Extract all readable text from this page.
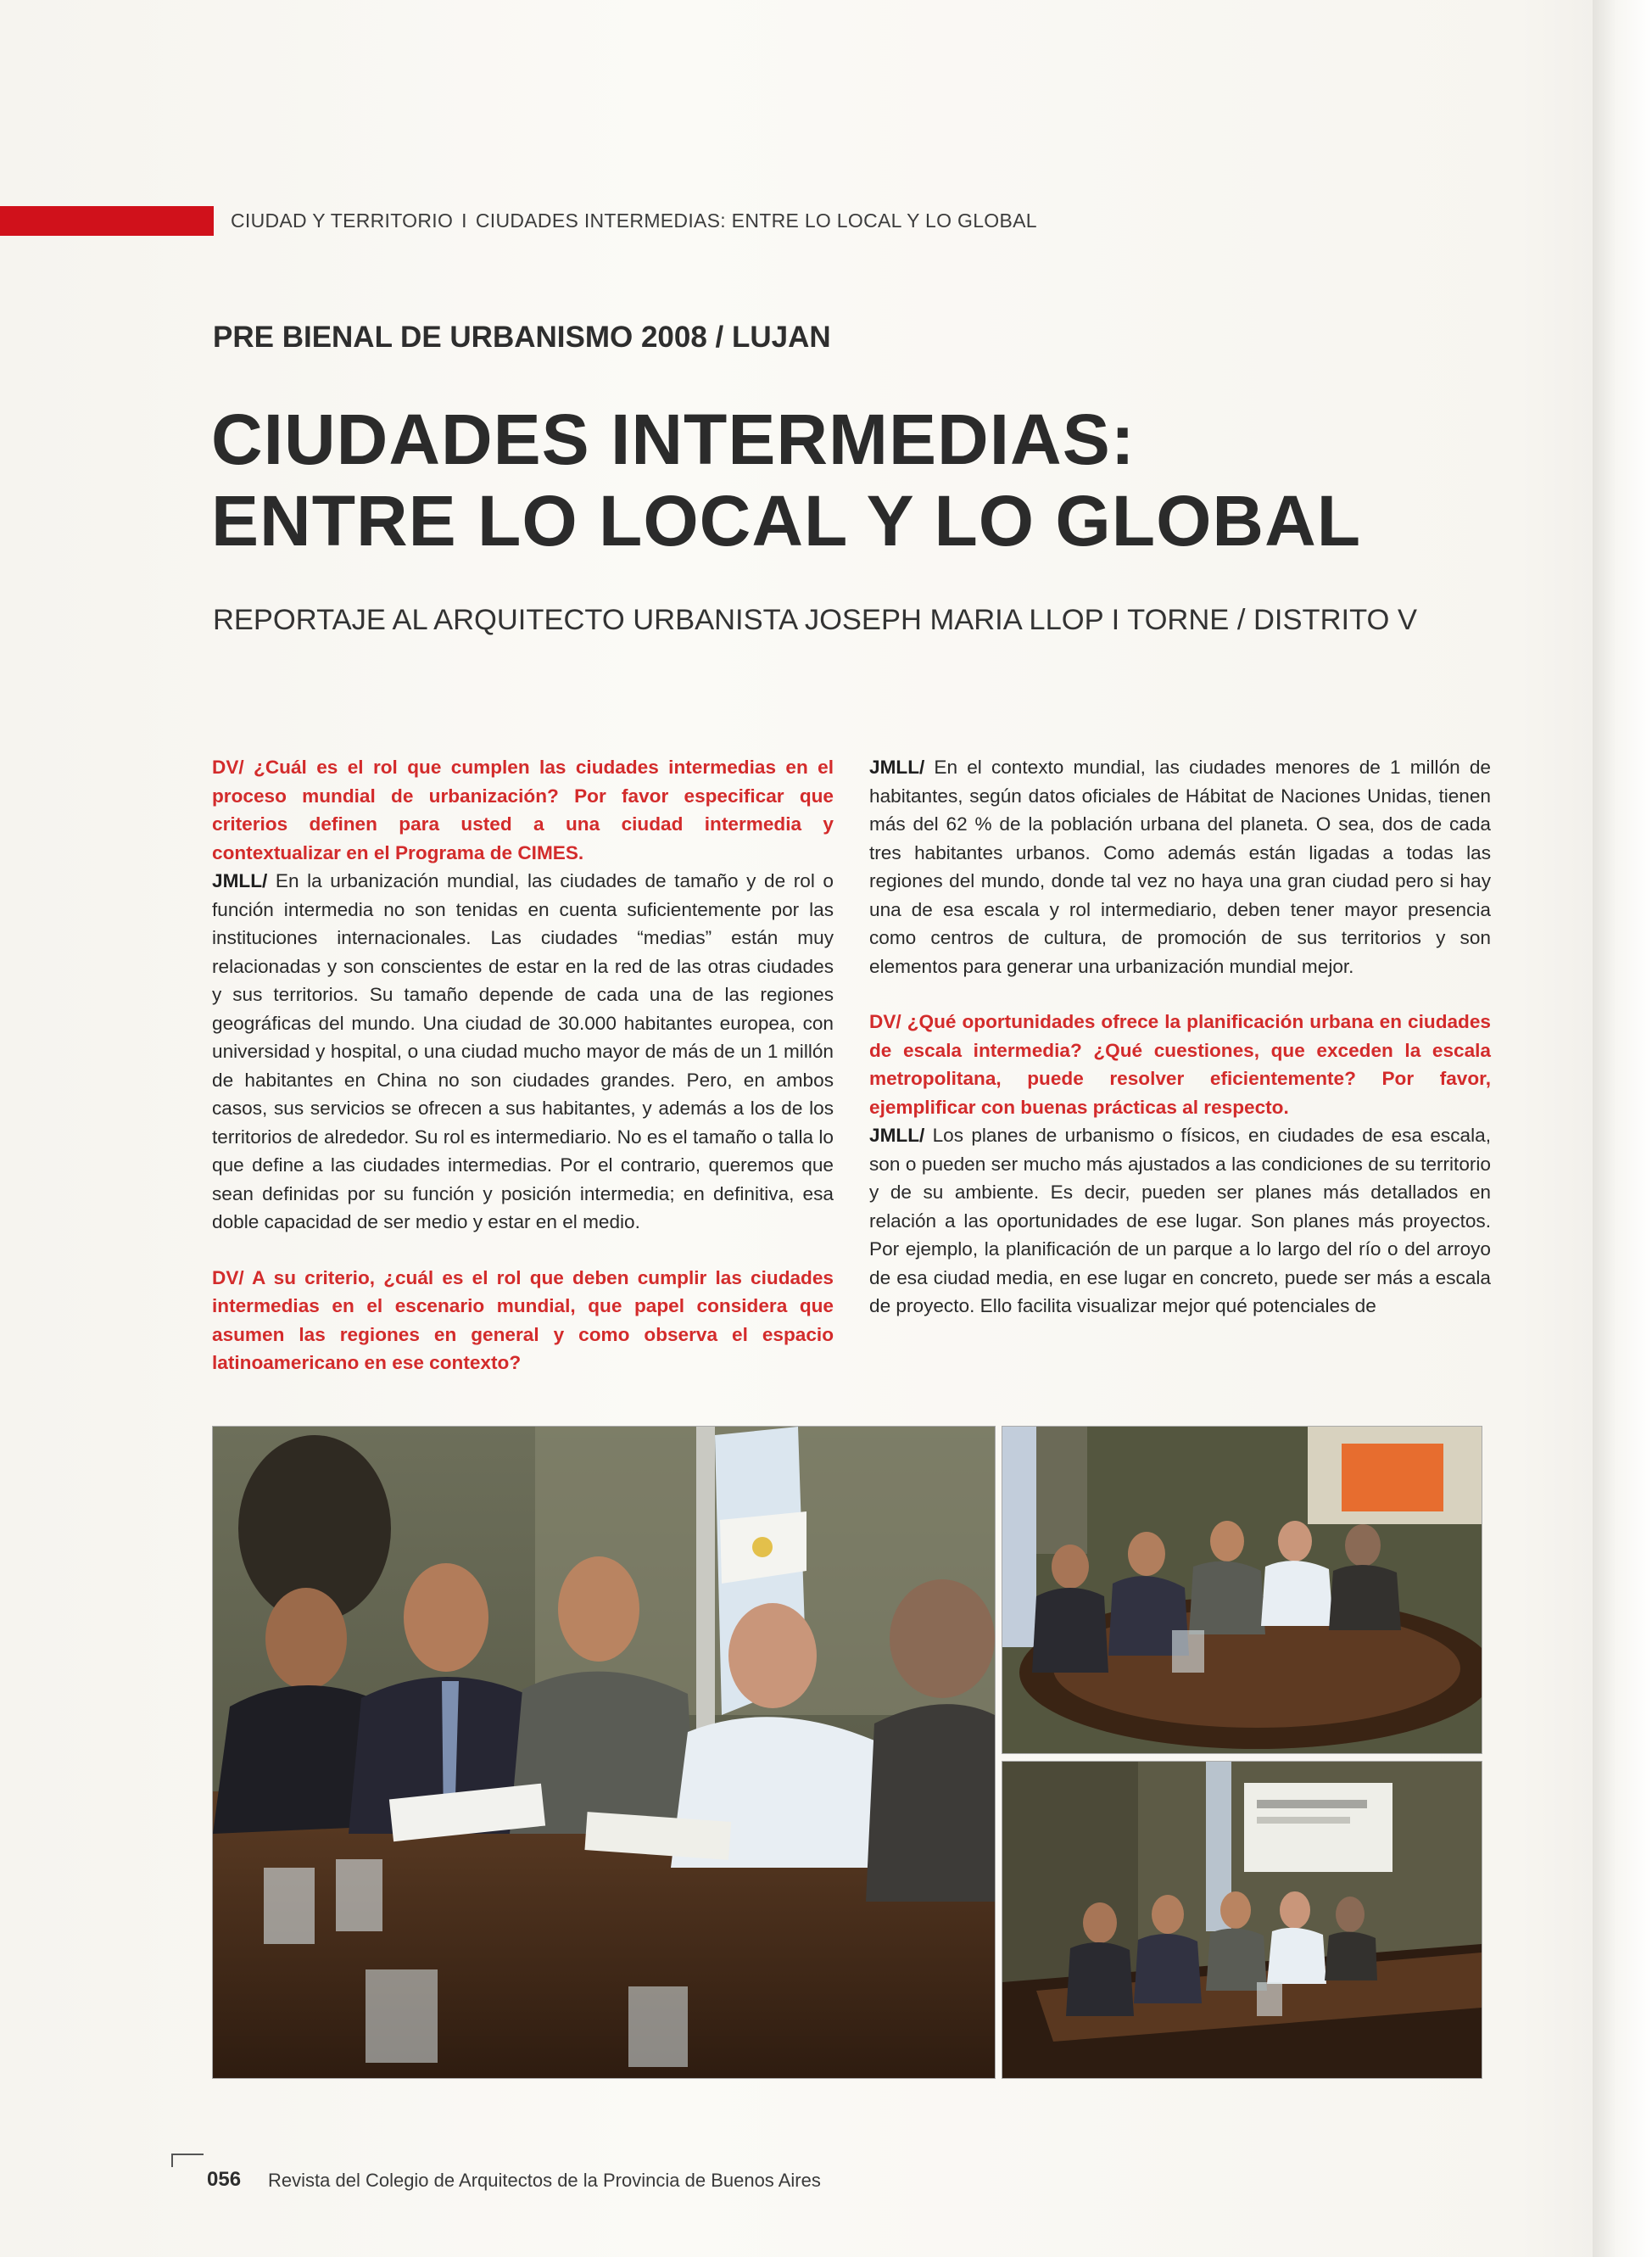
CIUDAD Y TERRITORIO I CIUDADES INTERMEDIAS: ENTRE LO LOCAL Y LO GLOBAL
PRE BIENAL DE URBANISMO 2008 / LUJAN
CIUDADES INTERMEDIAS:
ENTRE LO LOCAL Y LO GLOBAL
REPORTAJE AL ARQUITECTO URBANISTA JOSEPH MARIA LLOP I TORNE / DISTRITO V

DV/ ¿Cuál es el rol que cumplen las ciudades intermedias en el proceso mundial de urbanización? Por favor especificar que criterios definen para usted a una ciudad intermedia y contextualizar en el Programa de CIMES.

JMLL/ En la urbanización mundial, las ciudades de tamaño y de rol o función intermedia no son tenidas en cuenta suficientemente por las instituciones internacionales. Las ciudades “medias” están muy relacionadas y son conscientes de estar en la red de las otras ciudades y sus territorios. Su tamaño depende de cada una de las regiones geográficas del mundo. Una ciudad de 30.000 habitantes europea, con universidad y hospital, o una ciudad mucho mayor de más de un 1 millón de habitantes en China no son ciudades grandes. Pero, en ambos casos, sus servicios se ofrecen a sus habitantes, y además a los de los territorios de alrededor. Su rol es intermediario. No es el tamaño o talla lo que define a las ciudades intermedias. Por el contrario, queremos que sean definidas por su función y posición intermedia; en definitiva, esa doble capacidad de ser medio y estar en el medio.

DV/ A su criterio, ¿cuál es el rol que deben cumplir las ciudades intermedias en el escenario mundial, que papel considera que asumen las regiones en general y como observa el espacio latinoamericano en ese contexto?

JMLL/ En el contexto mundial, las ciudades menores de 1 millón de habitantes, según datos oficiales de Hábitat de Naciones Unidas, tienen más del 62 % de la población urbana del planeta. O sea, dos de cada tres habitantes urbanos. Como además están ligadas a todas las regiones del mundo, donde tal vez no haya una gran ciudad pero si hay una de esa escala y rol intermediario, deben tener mayor presencia como centros de cultura, de promoción de sus territorios y son elementos para generar una urbanización mundial mejor.

DV/ ¿Qué oportunidades ofrece la planificación urbana en ciudades de escala intermedia? ¿Qué cuestiones, que exceden la escala metropolitana, puede resolver eficientemente? Por favor, ejemplificar con buenas prácticas al respecto.

JMLL/ Los planes de urbanismo o físicos, en ciudades de esa escala, son o pueden ser mucho más ajustados a las condiciones de su territorio y de su ambiente. Es decir, pueden ser planes más detallados en relación a las oportunidades de ese lugar. Son planes más proyectos. Por ejemplo, la planificación de un parque a lo largo del río o del arroyo de esa ciudad media, en ese lugar en concreto, puede ser más a escala de proyecto. Ello facilita visualizar mejor qué potenciales de

056 Revista del Colegio de Arquitectos de la Provincia de Buenos Aires
